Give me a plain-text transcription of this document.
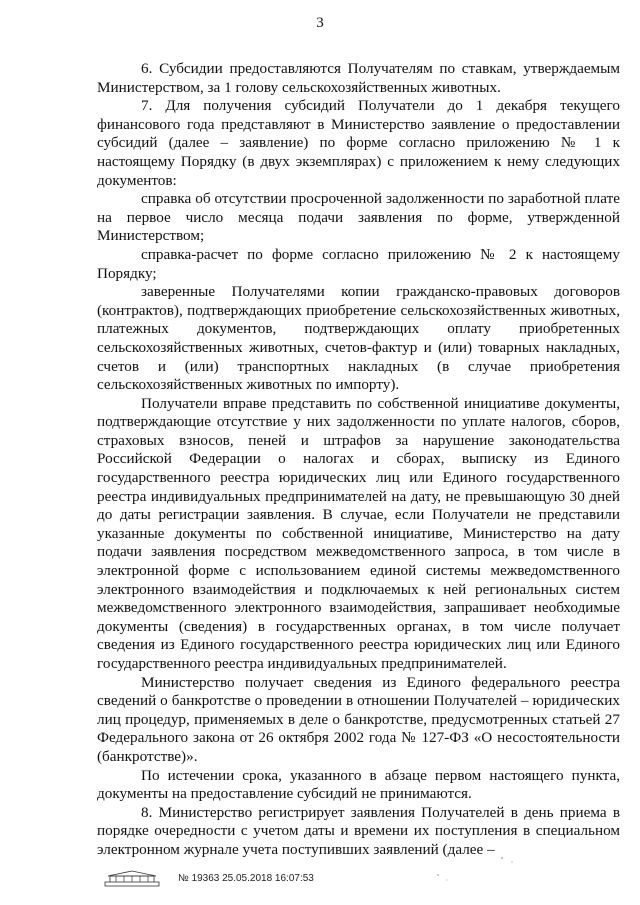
3

6. Субсидии предоставляются Получателям по ставкам, утверждаемым Министерством, за 1 голову сельскохозяйственных животных.

7. Для получения субсидий Получатели до 1 декабря текущего финансового года представляют в Министерство заявление о предоставлении субсидий (далее – заявление) по форме согласно приложению № 1 к настоящему Порядку (в двух экземплярах) с приложением к нему следующих документов:

справка об отсутствии просроченной задолженности по заработной плате на первое число месяца подачи заявления по форме, утвержденной Министерством;

справка-расчет по форме согласно приложению № 2 к настоящему Порядку;

заверенные Получателями копии гражданско-правовых договоров (контрактов), подтверждающих приобретение сельскохозяйственных животных, платежных документов, подтверждающих оплату приобретенных сельскохозяйственных животных, счетов-фактур и (или) товарных накладных, счетов и (или) транспортных накладных (в случае приобретения сельскохозяйственных животных по импорту).

Получатели вправе представить по собственной инициативе документы, подтверждающие отсутствие у них задолженности по уплате налогов, сборов, страховых взносов, пеней и штрафов за нарушение законодательства Российской Федерации о налогах и сборах, выписку из Единого государственного реестра юридических лиц или Единого государственного реестра индивидуальных предпринимателей на дату, не превышающую 30 дней до даты регистрации заявления. В случае, если Получатели не представили указанные документы по собственной инициативе, Министерство на дату подачи заявления посредством межведомственного запроса, в том числе в электронной форме с использованием единой системы межведомственного электронного взаимодействия и подключаемых к ней региональных систем межведомственного электронного взаимодействия, запрашивает необходимые документы (сведения) в государственных органах, в том числе получает сведения из Единого государственного реестра юридических лиц или Единого государственного реестра индивидуальных предпринимателей.

Министерство получает сведения из Единого федерального реестра сведений о банкротстве о проведении в отношении Получателей – юридических лиц процедур, применяемых в деле о банкротстве, предусмотренных статьей 27 Федерального закона от 26 октября 2002 года № 127-ФЗ «О несостоятельности (банкротстве)».

По истечении срока, указанного в абзаце первом настоящего пункта, документы на предоставление субсидий не принимаются.

8. Министерство регистрирует заявления Получателей в день приема в порядке очередности с учетом даты и времени их поступления в специальном электронном журнале учета поступивших заявлений (далее –

№ 19363 25.05.2018 16:07:53
